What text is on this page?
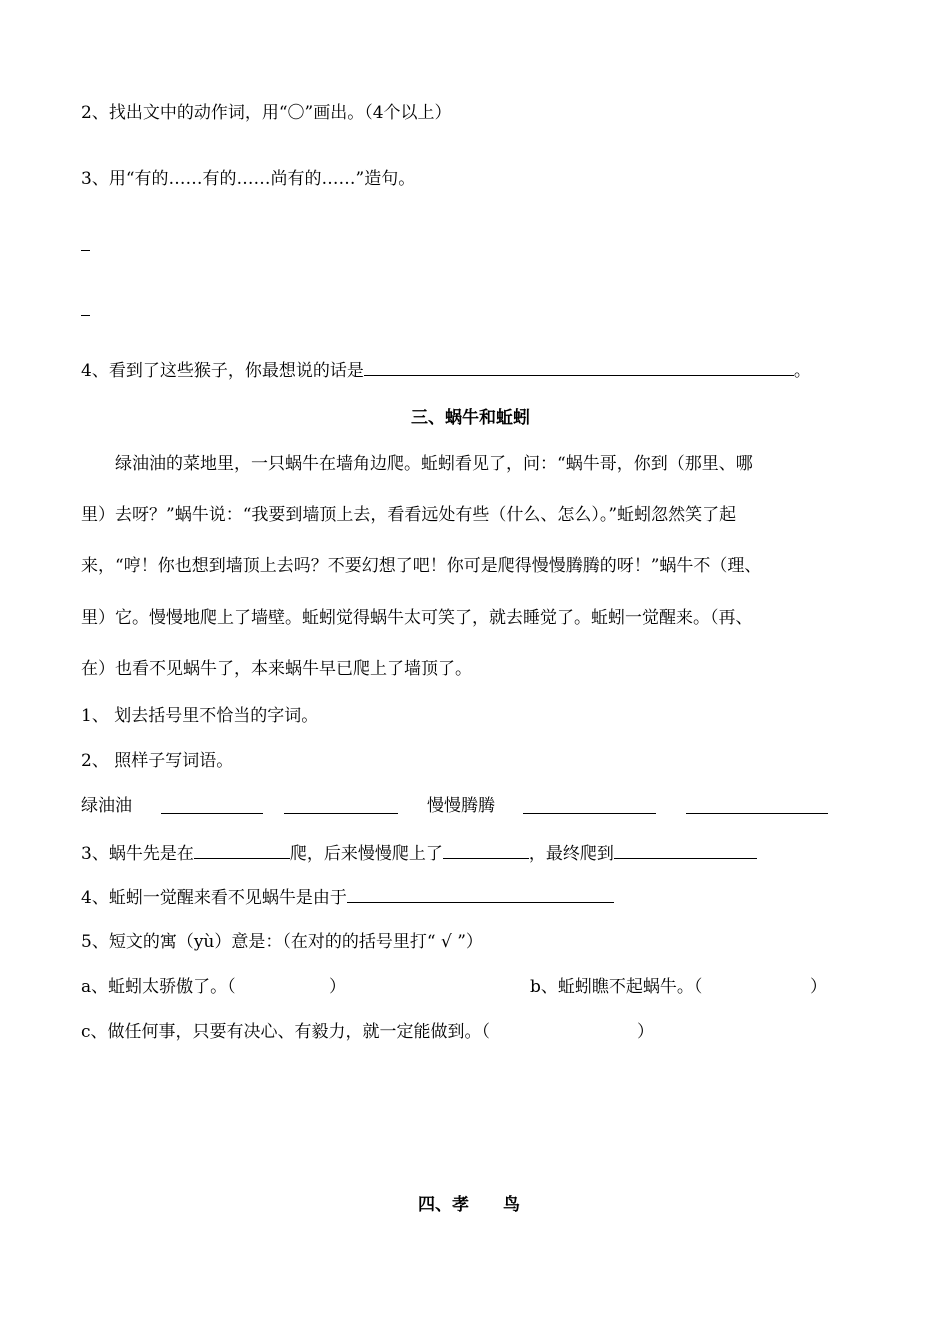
2、找出文中的动作词，用“〇”画出。（4个以上）
3、用“有的……有的……尚有的……”造句。
4、看到了这些猴子，你最想说的话是	。
三、蜗牛和蚯蚓
　　绿油油的菜地里，一只蜗牛在墙角边爬。蚯蚓看见了，问：“蜗牛哥，你到（那里、哪
里）去呀？”蜗牛说：“我要到墙顶上去，看看远处有些（什么、怎么）。”蚯蚓忽然笑了起
来，“哼！你也想到墙顶上去吗？不要幻想了吧！你可是爬得慢慢腾腾的呀！”蜗牛不（理、
里）它。慢慢地爬上了墙壁。蚯蚓觉得蜗牛太可笑了，就去睡觉了。蚯蚓一觉醒来。（再、
在）也看不见蜗牛了，本来蜗牛早已爬上了墙顶了。
1、 划去括号里不恰当的字词。
2、 照样子写词语。
绿油油	慢慢腾腾
3、蜗牛先是在	爬，后来慢慢爬上了	，最终爬到
4、蚯蚓一觉醒来看不见蜗牛是由于
5、短文的寓（yù）意是：（在对的的括号里打“ √ ”）
a、蚯蚓太骄傲了。（	）	b、蚯蚓瞧不起蜗牛。（	）
c、做任何事，只要有决心、有毅力，就一定能做到。（	）
四、孝　　鸟
